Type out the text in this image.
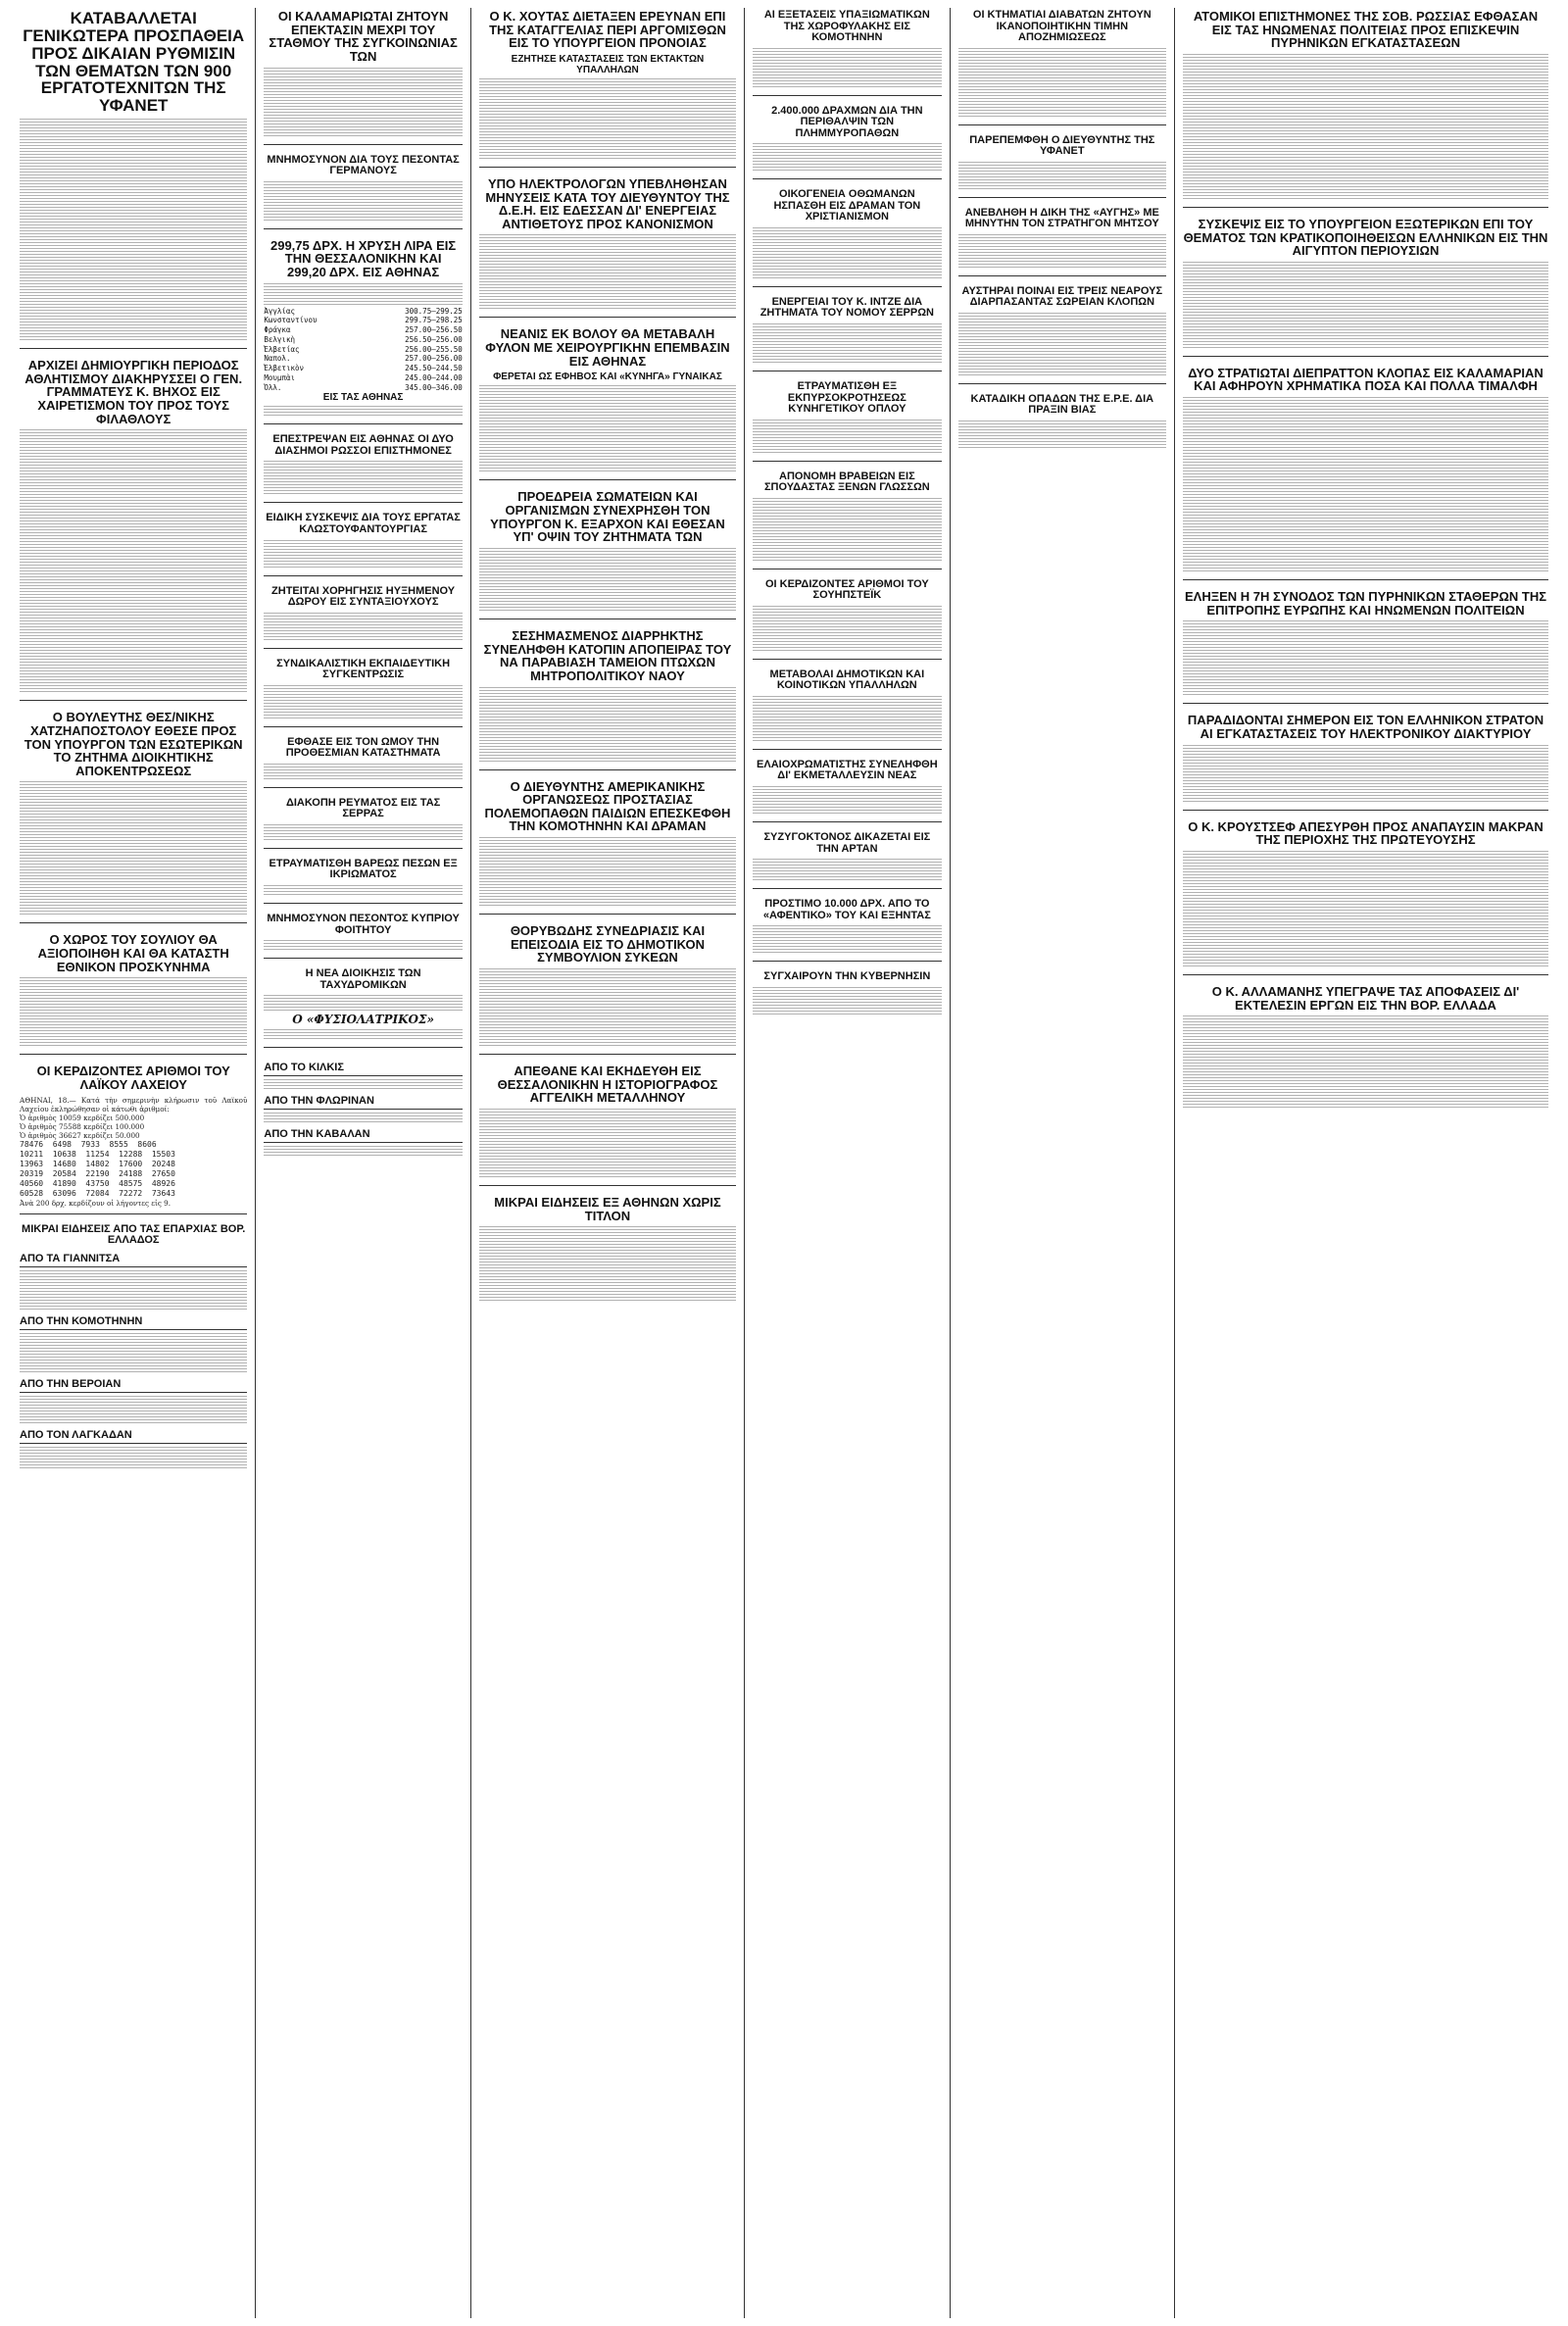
ΚΑΤΑΒΑΛΛΕΤΑΙ ΓΕΝΙΚΩΤΕΡΑ ΠΡΟΣΠΑΘΕΙΑ ΠΡΟΣ ΔΙΚΑΙΑΝ ΡΥΘΜΙΣΙΝ ΤΩΝ ΘΕΜΑΤΩΝ ΤΩΝ 900 ΕΡΓΑΤΟΤΕΧΝΙΤΩΝ ΤΗΣ ΥΦΑΝΕΤ
ΑΡΧΙΖΕΙ ΔΗΜΙΟΥΡΓΙΚΗ ΠΕΡΙΟΔΟΣ ΑΘΛΗΤΙΣΜΟΥ ΔΙΑΚΗΡΥΣΣΕΙ Ο ΓΕΝ. ΓΡΑΜΜΑΤΕΥΣ Κ. ΒΗΧΟΣ ΕΙΣ ΧΑΙΡΕΤΙΣΜΟΝ ΤΟΥ ΠΡΟΣ ΤΟΥΣ ΦΙΛΑΘΛΟΥΣ
Ο ΒΟΥΛΕΥΤΗΣ ΘΕΣ/ΝΙΚΗΣ ΧΑΤΖΗΑΠΟΣΤΟΛΟΥ ΕΘΕΣΕ ΠΡΟΣ ΤΟΝ ΥΠΟΥΡΓΟΝ ΤΩΝ ΕΣΩΤΕΡΙΚΩΝ ΤΟ ΖΗΤΗΜΑ ΔΙΟΙΚΗΤΙΚΗΣ ΑΠΟΚΕΝΤΡΩΣΕΩΣ
Ο ΧΩΡΟΣ ΤΟΥ ΣΟΥΛΙΟΥ ΘΑ ΑΞΙΟΠΟΙΗΘΗ ΚΑΙ ΘΑ ΚΑΤΑΣΤΗ ΕΘΝΙΚΟΝ ΠΡΟΣΚΥΝΗΜΑ
ΟΙ ΚΕΡΔΙΖΟΝΤΕΣ ΑΡΙΘΜΟΙ ΤΟΥ ΛΑΪΚΟΥ ΛΑΧΕΙΟΥ

ΑΘΗΝΑΙ, 18.— Κατά τὴν σημερινὴν κλήρωσιν τοῦ Λαϊκοῦ Λαχείου ἐκληρώθησαν οἱ κάτωθι ἀριθμοί:

Ὁ ἀριθμὸς 10059 κερδίζει 500.000

Ὁ ἀριθμὸς 75588 κερδίζει 100.000

Ὁ ἀριθμὸς 36627 κερδίζει 50.000

78476  6498  7933  8555  8606
10211  10638  11254  12288  15503
13963  14680  14802  17600  20248
20319  20584  22190  24188  27650
40560  41890  43750  48575  48926
60528  63096  72084  72272  73643

Ἀνὰ 200 δρχ. κερδίζουν οἱ λήγοντες εἰς 9.

ΜΙΚΡΑΙ ΕΙΔΗΣΕΙΣ ΑΠΟ ΤΑΣ ΕΠΑΡΧΙΑΣ ΒΟΡ. ΕΛΛΑΔΟΣ
ΑΠΟ ΤΑ ΓΙΑΝΝΙΤΣΑ
ΑΠΟ ΤΗΝ ΚΟΜΟΤΗΝΗΝ
ΑΠΟ ΤΗΝ ΒΕΡΟΙΑΝ
ΑΠΟ ΤΟΝ ΛΑΓΚΑΔΑΝ
ΟΙ ΚΑΛΑΜΑΡΙΩΤΑΙ ΖΗΤΟΥΝ ΕΠΕΚΤΑΣΙΝ ΜΕΧΡΙ ΤΟΥ ΣΤΑΘΜΟΥ ΤΗΣ ΣΥΓΚΟΙΝΩΝΙΑΣ ΤΩΝ
ΜΝΗΜΟΣΥΝΟΝ ΔΙΑ ΤΟΥΣ ΠΕΣΟΝΤΑΣ ΓΕΡΜΑΝΟΥΣ
299,75 ΔΡΧ. Η ΧΡΥΣΗ ΛΙΡΑ ΕΙΣ ΤΗΝ ΘΕΣΣΑΛΟΝΙΚΗΝ ΚΑΙ 299,20 ΔΡΧ. ΕΙΣ ΑΘΗΝΑΣ
Ἀγγλίας	300.75—299.25
Κωνσταντίνου	299.75—298.25
Φράγκα	257.00—256.50
Βελγικὴ	256.50—256.00
Ἑλβετίας	256.00—255.50
Ναπολ.	257.00—256.00
Ἑλβετικὸν	245.50—244.50
Μουμπὰι	245.00—244.00
Ὀλλ.	345.00—346.00
ΕΙΣ ΤΑΣ ΑΘΗΝΑΣ
ΕΠΕΣΤΡΕΨΑΝ ΕΙΣ ΑΘΗΝΑΣ ΟΙ ΔΥΟ ΔΙΑΣΗΜΟΙ ΡΩΣΣΟΙ ΕΠΙΣΤΗΜΟΝΕΣ
ΕΙΔΙΚΗ ΣΥΣΚΕΨΙΣ ΔΙΑ ΤΟΥΣ ΕΡΓΑΤΑΣ ΚΛΩΣΤΟΥΦΑΝΤΟΥΡΓΙΑΣ
ΖΗΤΕΙΤΑΙ ΧΟΡΗΓΗΣΙΣ ΗΥΞΗΜΕΝΟΥ ΔΩΡΟΥ ΕΙΣ ΣΥΝΤΑΞΙΟΥΧΟΥΣ
ΣΥΝΔΙΚΑΛΙΣΤΙΚΗ ΕΚΠΑΙΔΕΥΤΙΚΗ ΣΥΓΚΕΝΤΡΩΣΙΣ
ΕΦΘΑΣΕ ΕΙΣ ΤΟΝ ΩΜΟΥ ΤΗΝ ΠΡΟΘΕΣΜΙΑΝ ΚΑΤΑΣΤΗΜΑΤΑ
ΔΙΑΚΟΠΗ ΡΕΥΜΑΤΟΣ ΕΙΣ ΤΑΣ ΣΕΡΡΑΣ
ΕΤΡΑΥΜΑΤΙΣΘΗ ΒΑΡΕΩΣ ΠΕΣΩΝ ΕΞ ΙΚΡΙΩΜΑΤΟΣ
ΜΝΗΜΟΣΥΝΟΝ ΠΕΣΟΝΤΟΣ ΚΥΠΡΙΟΥ ΦΟΙΤΗΤΟΥ
Η ΝΕΑ ΔΙΟΙΚΗΣΙΣ ΤΩΝ ΤΑΧΥΔΡΟΜΙΚΩΝ
Ο «ΦΥΣΙΟΛΑΤΡΙΚΟΣ»
ΑΠΟ ΤΟ ΚΙΛΚΙΣ
ΑΠΟ ΤΗΝ ΦΛΩΡΙΝΑΝ
ΑΠΟ ΤΗΝ ΚΑΒΑΛΑΝ
Ο Κ. ΧΟΥΤΑΣ ΔΙΕΤΑΞΕΝ ΕΡΕΥΝΑΝ ΕΠΙ ΤΗΣ ΚΑΤΑΓΓΕΛΙΑΣ ΠΕΡΙ ΑΡΓΟΜΙΣΘΩΝ ΕΙΣ ΤΟ ΥΠΟΥΡΓΕΙΟΝ ΠΡΟΝΟΙΑΣ
ΕΖΗΤΗΣΕ ΚΑΤΑΣΤΑΣΕΙΣ ΤΩΝ ΕΚΤΑΚΤΩΝ ΥΠΑΛΛΗΛΩΝ
ΥΠΟ ΗΛΕΚΤΡΟΛΟΓΩΝ ΥΠΕΒΛΗΘΗΣΑΝ ΜΗΝΥΣΕΙΣ ΚΑΤΑ ΤΟΥ ΔΙΕΥΘΥΝΤΟΥ ΤΗΣ Δ.Ε.Η. ΕΙΣ ΕΔΕΣΣΑΝ ΔΙ' ΕΝΕΡΓΕΙΑΣ ΑΝΤΙΘΕΤΟΥΣ ΠΡΟΣ ΚΑΝΟΝΙΣΜΟΝ
ΝΕΑΝΙΣ ΕΚ ΒΟΛΟΥ ΘΑ ΜΕΤΑΒΑΛΗ ΦΥΛΟΝ ΜΕ ΧΕΙΡΟΥΡΓΙΚΗΝ ΕΠΕΜΒΑΣΙΝ ΕΙΣ ΑΘΗΝΑΣ
ΦΕΡΕΤΑΙ ΩΣ ΕΦΗΒΟΣ ΚΑΙ «ΚΥΝΗΓΑ» ΓΥΝΑΙΚΑΣ
ΠΡΟΕΔΡΕΙΑ ΣΩΜΑΤΕΙΩΝ ΚΑΙ ΟΡΓΑΝΙΣΜΩΝ ΣΥΝΕΧΡΗΣΘΗ ΤΟΝ ΥΠΟΥΡΓΟΝ Κ. ΕΞΑΡΧΟΝ ΚΑΙ ΕΘΕΣΑΝ ΥΠ' ΟΨΙΝ ΤΟΥ ΖΗΤΗΜΑΤΑ ΤΩΝ
ΣΕΣΗΜΑΣΜΕΝΟΣ ΔΙΑΡΡΗΚΤΗΣ ΣΥΝΕΛΗΦΘΗ ΚΑΤΟΠΙΝ ΑΠΟΠΕΙΡΑΣ ΤΟΥ ΝΑ ΠΑΡΑΒΙΑΣΗ ΤΑΜΕΙΟΝ ΠΤΩΧΩΝ ΜΗΤΡΟΠΟΛΙΤΙΚΟΥ ΝΑΟΥ
Ο ΔΙΕΥΘΥΝΤΗΣ ΑΜΕΡΙΚΑΝΙΚΗΣ ΟΡΓΑΝΩΣΕΩΣ ΠΡΟΣΤΑΣΙΑΣ ΠΟΛΕΜΟΠΑΘΩΝ ΠΑΙΔΙΩΝ ΕΠΕΣΚΕΦΘΗ ΤΗΝ ΚΟΜΟΤΗΝΗΝ ΚΑΙ ΔΡΑΜΑΝ
ΘΟΡΥΒΩΔΗΣ ΣΥΝΕΔΡΙΑΣΙΣ ΚΑΙ ΕΠΕΙΣΟΔΙΑ ΕΙΣ ΤΟ ΔΗΜΟΤΙΚΟΝ ΣΥΜΒΟΥΛΙΟΝ ΣΥΚΕΩΝ
ΑΠΕΘΑΝΕ ΚΑΙ ΕΚΗΔΕΥΘΗ ΕΙΣ ΘΕΣΣΑΛΟΝΙΚΗΝ Η ΙΣΤΟΡΙΟΓΡΑΦΟΣ ΑΓΓΕΛΙΚΗ ΜΕΤΑΛΛΗΝΟΥ
ΜΙΚΡΑΙ ΕΙΔΗΣΕΙΣ ΕΞ ΑΘΗΝΩΝ ΧΩΡΙΣ ΤΙΤΛΟΝ
ΑΙ ΕΞΕΤΑΣΕΙΣ ΥΠΑΞΙΩΜΑΤΙΚΩΝ ΤΗΣ ΧΩΡΟΦΥΛΑΚΗΣ ΕΙΣ ΚΟΜΟΤΗΝΗΝ
2.400.000 ΔΡΑΧΜΩΝ ΔΙΑ ΤΗΝ ΠΕΡΙΘΑΛΨΙΝ ΤΩΝ ΠΛΗΜΜΥΡΟΠΑΘΩΝ
ΟΙΚΟΓΕΝΕΙΑ ΟΘΩΜΑΝΩΝ ΗΣΠΑΣΘΗ ΕΙΣ ΔΡΑΜΑΝ ΤΟΝ ΧΡΙΣΤΙΑΝΙΣΜΟΝ
ΕΝΕΡΓΕΙΑΙ ΤΟΥ Κ. ΙΝΤΖΕ ΔΙΑ ΖΗΤΗΜΑΤΑ ΤΟΥ ΝΟΜΟΥ ΣΕΡΡΩΝ
ΕΤΡΑΥΜΑΤΙΣΘΗ ΕΞ ΕΚΠΥΡΣΟΚΡΟΤΗΣΕΩΣ ΚΥΝΗΓΕΤΙΚΟΥ ΟΠΛΟΥ
ΑΠΟΝΟΜΗ ΒΡΑΒΕΙΩΝ ΕΙΣ ΣΠΟΥΔΑΣΤΑΣ ΞΕΝΩΝ ΓΛΩΣΣΩΝ
ΟΙ ΚΕΡΔΙΖΟΝΤΕΣ ΑΡΙΘΜΟΙ ΤΟΥ ΣΟΥΗΠΣΤΕΪΚ
ΜΕΤΑΒΟΛΑΙ ΔΗΜΟΤΙΚΩΝ ΚΑΙ ΚΟΙΝΟΤΙΚΩΝ ΥΠΑΛΛΗΛΩΝ
ΕΛΑΙΟΧΡΩΜΑΤΙΣΤΗΣ ΣΥΝΕΛΗΦΘΗ ΔΙ' ΕΚΜΕΤΑΛΛΕΥΣΙΝ ΝΕΑΣ
ΣΥΖΥΓΟΚΤΟΝΟΣ ΔΙΚΑΖΕΤΑΙ ΕΙΣ ΤΗΝ ΑΡΤΑΝ
ΠΡΟΣΤΙΜΟ 10.000 ΔΡΧ. ΑΠΟ ΤΟ «ΑΦΕΝΤΙΚΟ» ΤΟΥ ΚΑΙ ΕΞΗΝΤΑΣ
ΣΥΓΧΑΙΡΟΥΝ ΤΗΝ ΚΥΒΕΡΝΗΣΙΝ
ΟΙ ΚΤΗΜΑΤΙΑΙ ΔΙΑΒΑΤΩΝ ΖΗΤΟΥΝ ΙΚΑΝΟΠΟΙΗΤΙΚΗΝ ΤΙΜΗΝ ΑΠΟΖΗΜΙΩΣΕΩΣ
ΠΑΡΕΠΕΜΦΘΗ Ο ΔΙΕΥΘΥΝΤΗΣ ΤΗΣ ΥΦΑΝΕΤ
ΑΝΕΒΛΗΘΗ Η ΔΙΚΗ ΤΗΣ «ΑΥΓΗΣ» ΜΕ ΜΗΝΥΤΗΝ ΤΟΝ ΣΤΡΑΤΗΓΟΝ ΜΗΤΣΟΥ
ΑΥΣΤΗΡΑΙ ΠΟΙΝΑΙ ΕΙΣ ΤΡΕΙΣ ΝΕΑΡΟΥΣ ΔΙΑΡΠΑΣΑΝΤΑΣ ΣΩΡΕΙΑΝ ΚΛΟΠΩΝ
ΚΑΤΑΔΙΚΗ ΟΠΑΔΩΝ ΤΗΣ Ε.Ρ.Ε. ΔΙΑ ΠΡΑΞΙΝ ΒΙΑΣ
ΑΤΟΜΙΚΟΙ ΕΠΙΣΤΗΜΟΝΕΣ ΤΗΣ ΣΟΒ. ΡΩΣΣΙΑΣ ΕΦΘΑΣΑΝ ΕΙΣ ΤΑΣ ΗΝΩΜΕΝΑΣ ΠΟΛΙΤΕΙΑΣ ΠΡΟΣ ΕΠΙΣΚΕΨΙΝ ΠΥΡΗΝΙΚΩΝ ΕΓΚΑΤΑΣΤΑΣΕΩΝ
ΣΥΣΚΕΨΙΣ ΕΙΣ ΤΟ ΥΠΟΥΡΓΕΙΟΝ ΕΞΩΤΕΡΙΚΩΝ ΕΠΙ ΤΟΥ ΘΕΜΑΤΟΣ ΤΩΝ ΚΡΑΤΙΚΟΠΟΙΗΘΕΙΣΩΝ ΕΛΛΗΝΙΚΩΝ ΕΙΣ ΤΗΝ ΑΙΓΥΠΤΟΝ ΠΕΡΙΟΥΣΙΩΝ
ΔΥΟ ΣΤΡΑΤΙΩΤΑΙ ΔΙΕΠΡΑΤΤΟΝ ΚΛΟΠΑΣ ΕΙΣ ΚΑΛΑΜΑΡΙΑΝ ΚΑΙ ΑΦΗΡΟΥΝ ΧΡΗΜΑΤΙΚΑ ΠΟΣΑ ΚΑΙ ΠΟΛΛΑ ΤΙΜΑΛΦΗ
ΕΛΗΞΕΝ Η 7Η ΣΥΝΟΔΟΣ ΤΩΝ ΠΥΡΗΝΙΚΩΝ ΣΤΑΘΕΡΩΝ ΤΗΣ ΕΠΙΤΡΟΠΗΣ ΕΥΡΩΠΗΣ ΚΑΙ ΗΝΩΜΕΝΩΝ ΠΟΛΙΤΕΙΩΝ
ΠΑΡΑΔΙΔΟΝΤΑΙ ΣΗΜΕΡΟΝ ΕΙΣ ΤΟΝ ΕΛΛΗΝΙΚΟΝ ΣΤΡΑΤΟΝ ΑΙ ΕΓΚΑΤΑΣΤΑΣΕΙΣ ΤΟΥ ΗΛΕΚΤΡΟΝΙΚΟΥ ΔΙΑΚΤΥΡΙΟΥ
Ο Κ. ΚΡΟΥΣΤΣΕΦ ΑΠΕΣΥΡΘΗ ΠΡΟΣ ΑΝΑΠΑΥΣΙΝ ΜΑΚΡΑΝ ΤΗΣ ΠΕΡΙΟΧΗΣ ΤΗΣ ΠΡΩΤΕΥΟΥΣΗΣ
Ο Κ. ΑΛΛΑΜΑΝΗΣ ΥΠΕΓΡΑΨΕ ΤΑΣ ΑΠΟΦΑΣΕΙΣ ΔΙ' ΕΚΤΕΛΕΣΙΝ ΕΡΓΩΝ ΕΙΣ ΤΗΝ ΒΟΡ. ΕΛΛΑΔΑ
